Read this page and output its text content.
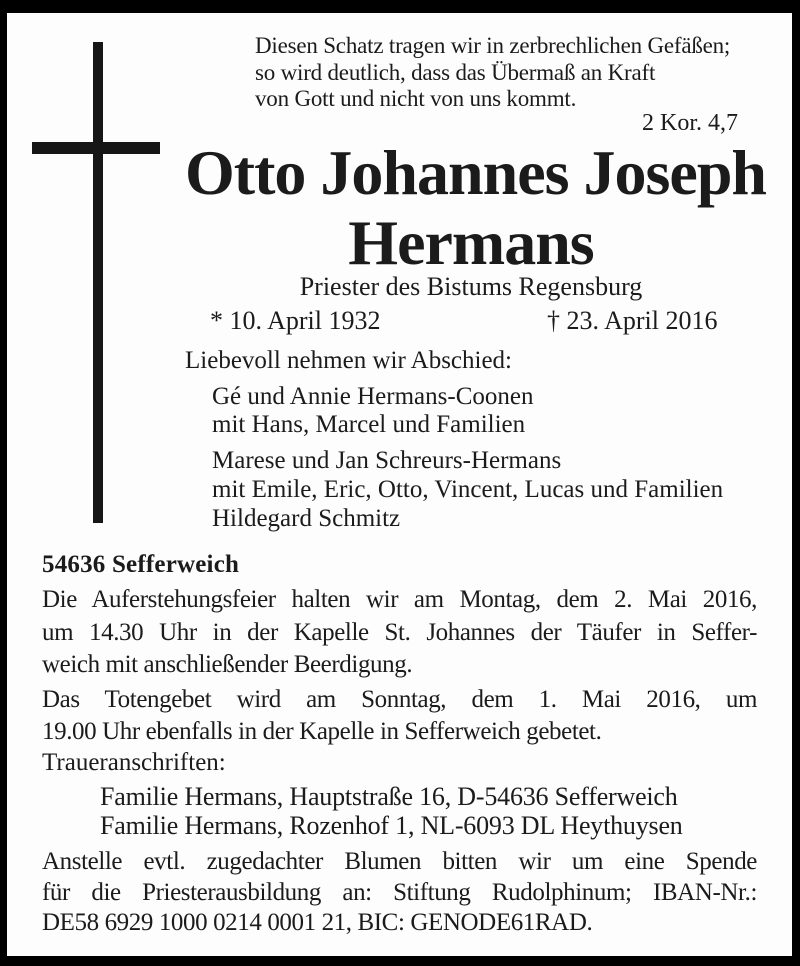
Diesen Schatz tragen wir in zerbrechlichen Gefäßen;
so wird deutlich, dass das Übermaß an Kraft
von Gott und nicht von uns kommt.
2 Kor. 4,7
Otto Johannes Joseph
Hermans
Priester des Bistums Regensburg
* 10. April 1932	† 23. April 2016
Liebevoll nehmen wir Abschied:
Gé und Annie Hermans-Coonen
mit Hans, Marcel und Familien
Marese und Jan Schreurs-Hermans
mit Emile, Eric, Otto, Vincent, Lucas und Familien
Hildegard Schmitz
54636 Sefferweich
Die Auferstehungsfeier halten wir am Montag, dem 2. Mai 2016,
um 14.30 Uhr in der Kapelle St. Johannes der Täufer in Seffer-
weich mit anschließender Beerdigung.
Das Totengebet wird am Sonntag, dem 1. Mai 2016, um
19.00 Uhr ebenfalls in der Kapelle in Sefferweich gebetet.
Traueranschriften:
Familie Hermans, Hauptstraße 16, D-54636 Sefferweich
Familie Hermans, Rozenhof 1, NL-6093 DL Heythuysen
Anstelle evtl. zugedachter Blumen bitten wir um eine Spende
für die Priesterausbildung an: Stiftung Rudolphinum; IBAN-Nr.:
DE58 6929 1000 0214 0001 21, BIC: GENODE61RAD.
